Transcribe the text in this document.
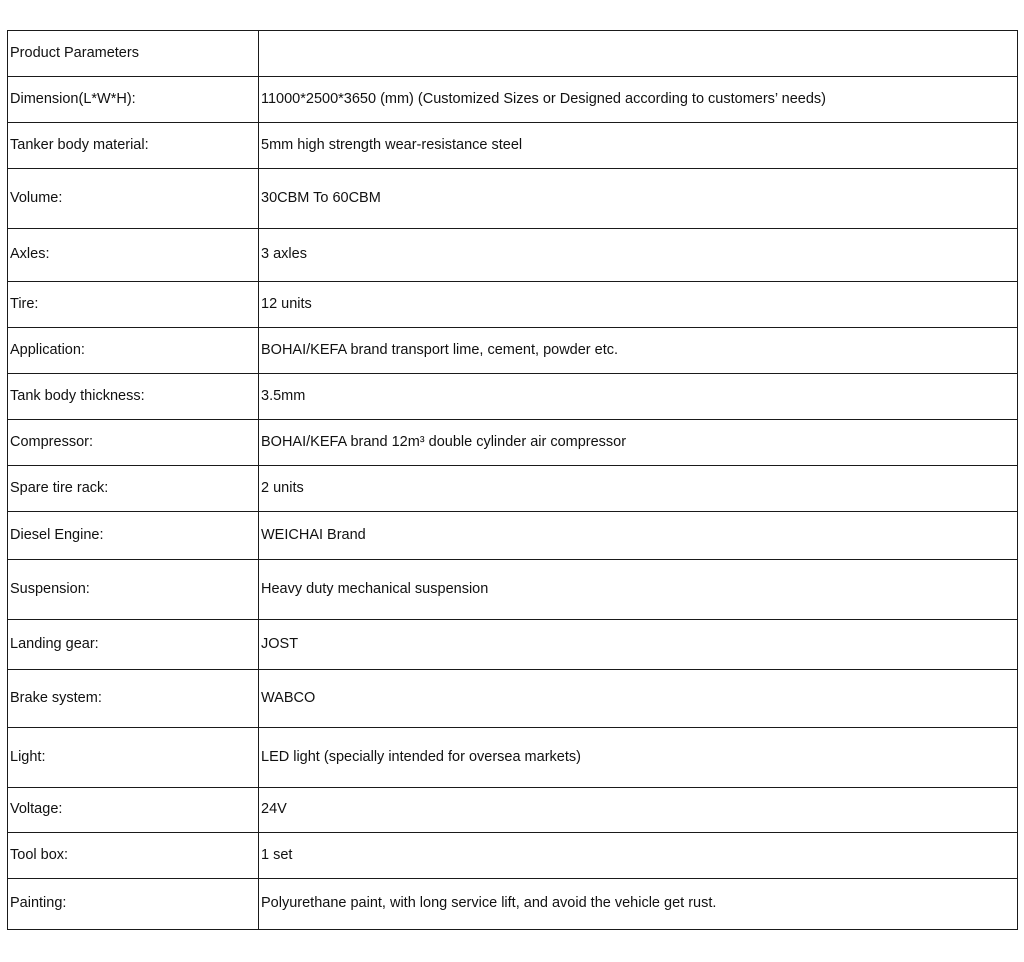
Product Parameters	
Dimension(L*W*H):	11000*2500*3650 (mm) (Customized Sizes or Designed according to customers’ needs)
Tanker body material:	5mm high strength wear-resistance steel
Volume:	30CBM To 60CBM
Axles:	3 axles
Tire:	12 units
Application:	BOHAI/KEFA brand transport lime, cement, powder etc.
Tank body thickness:	3.5mm
Compressor:	BOHAI/KEFA brand 12m³ double cylinder air compressor
Spare tire rack:	2 units
Diesel Engine:	WEICHAI Brand
Suspension:	Heavy duty mechanical suspension
Landing gear:	JOST
Brake system:	WABCO
Light:	LED light (specially intended for oversea markets)
Voltage:	24V
Tool box:	1 set
Painting:	Polyurethane paint, with long service lift, and avoid the vehicle get rust.
